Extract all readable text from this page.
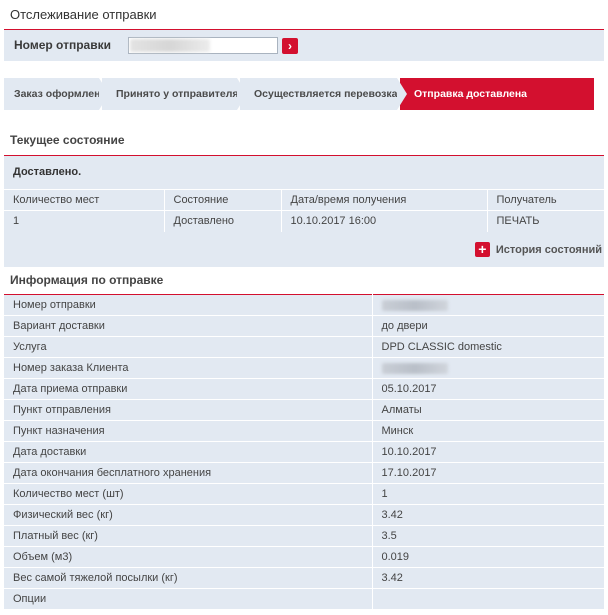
Отслеживание отправки
Номер отправки	›
Заказ оформлен	Принято у отправителя	Осуществляется перевозка	Отправка доставлена
Текущее состояние
Доставлено.
Количество мест	Состояние	Дата/время получения	Получатель
1	Доставлено	10.10.2017 16:00	ПЕЧАТЬ
+ История состояний
Информация по отправке
Номер отправки	
Вариант доставки	до двери
Услуга	DPD CLASSIC domestic
Номер заказа Клиента	
Дата приема отправки	05.10.2017
Пункт отправления	Алматы
Пункт назначения	Минск
Дата доставки	10.10.2017
Дата окончания бесплатного хранения	17.10.2017
Количество мест (шт)	1
Физический вес (кг)	3.42
Платный вес (кг)	3.5
Объем (м3)	0.019
Вес самой тяжелой посылки (кг)	3.42
Опции	
